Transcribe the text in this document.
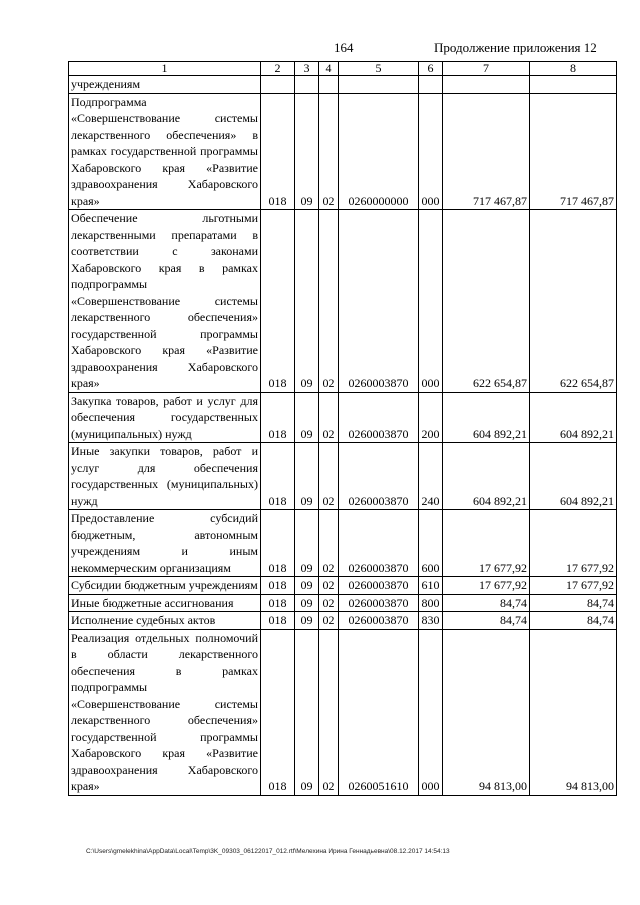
164	Продолжение приложения 12
1	2	3	4	5	6	7	8
учреждениям							
Подпрограмма «Совершенствование системы лекарственного обеспечения» в рамках государственной программы Хабаровского края «Развитие здравоохранения Хабаровского края»	018	09	02	0260000000	000	717 467,87	717 467,87
Обеспечение льготными лекарственными препаратами в соответствии с законами Хабаровского края в рамках подпрограммы «Совершенствование системы лекарственного обеспечения» государственной программы Хабаровского края «Развитие здравоохранения Хабаровского края»	018	09	02	0260003870	000	622 654,87	622 654,87
Закупка товаров, работ и услуг для обеспечения государственных (муниципальных) нужд	018	09	02	0260003870	200	604 892,21	604 892,21
Иные закупки товаров, работ и услуг для обеспечения государственных (муниципальных) нужд	018	09	02	0260003870	240	604 892,21	604 892,21
Предоставление субсидий бюджетным, автономным учреждениям и иным некоммерческим организациям	018	09	02	0260003870	600	17 677,92	17 677,92
Субсидии бюджетным учреждениям	018	09	02	0260003870	610	17 677,92	17 677,92
Иные бюджетные ассигнования	018	09	02	0260003870	800	84,74	84,74
Исполнение судебных актов	018	09	02	0260003870	830	84,74	84,74
Реализация отдельных полномочий в области лекарственного обеспечения в рамках подпрограммы «Совершенствование системы лекарственного обеспечения» государственной программы Хабаровского края «Развитие здравоохранения Хабаровского края»	018	09	02	0260051610	000	94 813,00	94 813,00
C:\Users\gmelekhina\AppData\Local\Temp\3K_09303_06122017_012.rtf\Мелехина Ирина Геннадьевна\08.12.2017 14:54:13
